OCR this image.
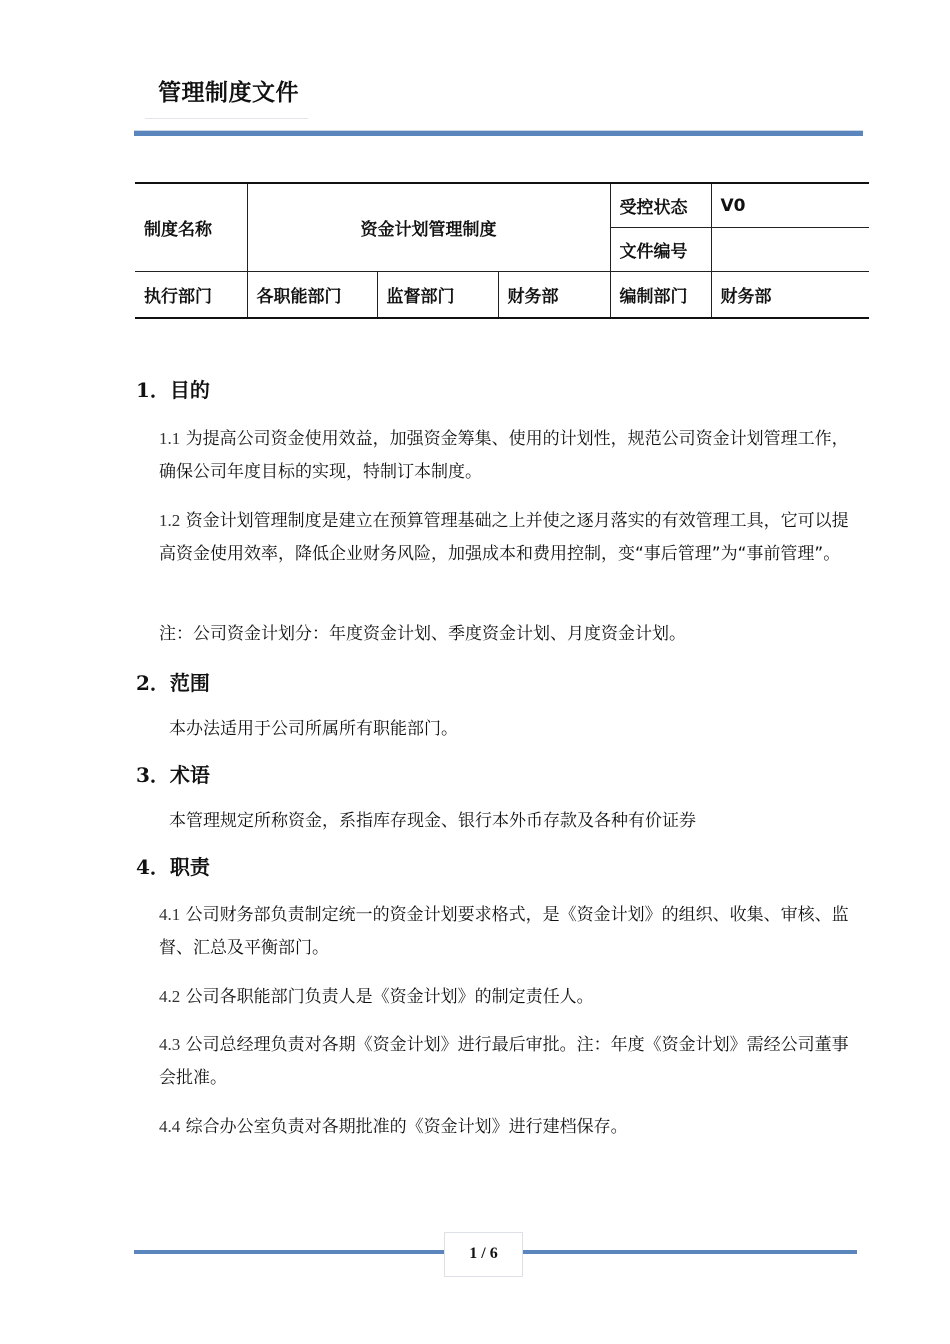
管理制度文件
制度名称	资金计划管理制度			受控状态	V0
				文件编号	
执行部门	各职能部门	监督部门	财务部	编制部门	财务部
1．目的
1.1 为提高公司资金使用效益，加强资金筹集、使用的计划性，规范公司资金计划管理工作，确保公司年度目标的实现，特制订本制度。
1.2 资金计划管理制度是建立在预算管理基础之上并使之逐月落实的有效管理工具，它可以提高资金使用效率，降低企业财务风险，加强成本和费用控制，变“事后管理”为“事前管理”。
注：公司资金计划分：年度资金计划、季度资金计划、月度资金计划。
2．范围
本办法适用于公司所属所有职能部门。
3．术语
本管理规定所称资金，系指库存现金、银行本外币存款及各种有价证券
4．职责
4.1 公司财务部负责制定统一的资金计划要求格式，是《资金计划》的组织、收集、审核、监督、汇总及平衡部门。
4.2 公司各职能部门负责人是《资金计划》的制定责任人。
4.3 公司总经理负责对各期《资金计划》进行最后审批。注：年度《资金计划》需经公司董事会批准。
4.4 综合办公室负责对各期批准的《资金计划》进行建档保存。
1 / 6
